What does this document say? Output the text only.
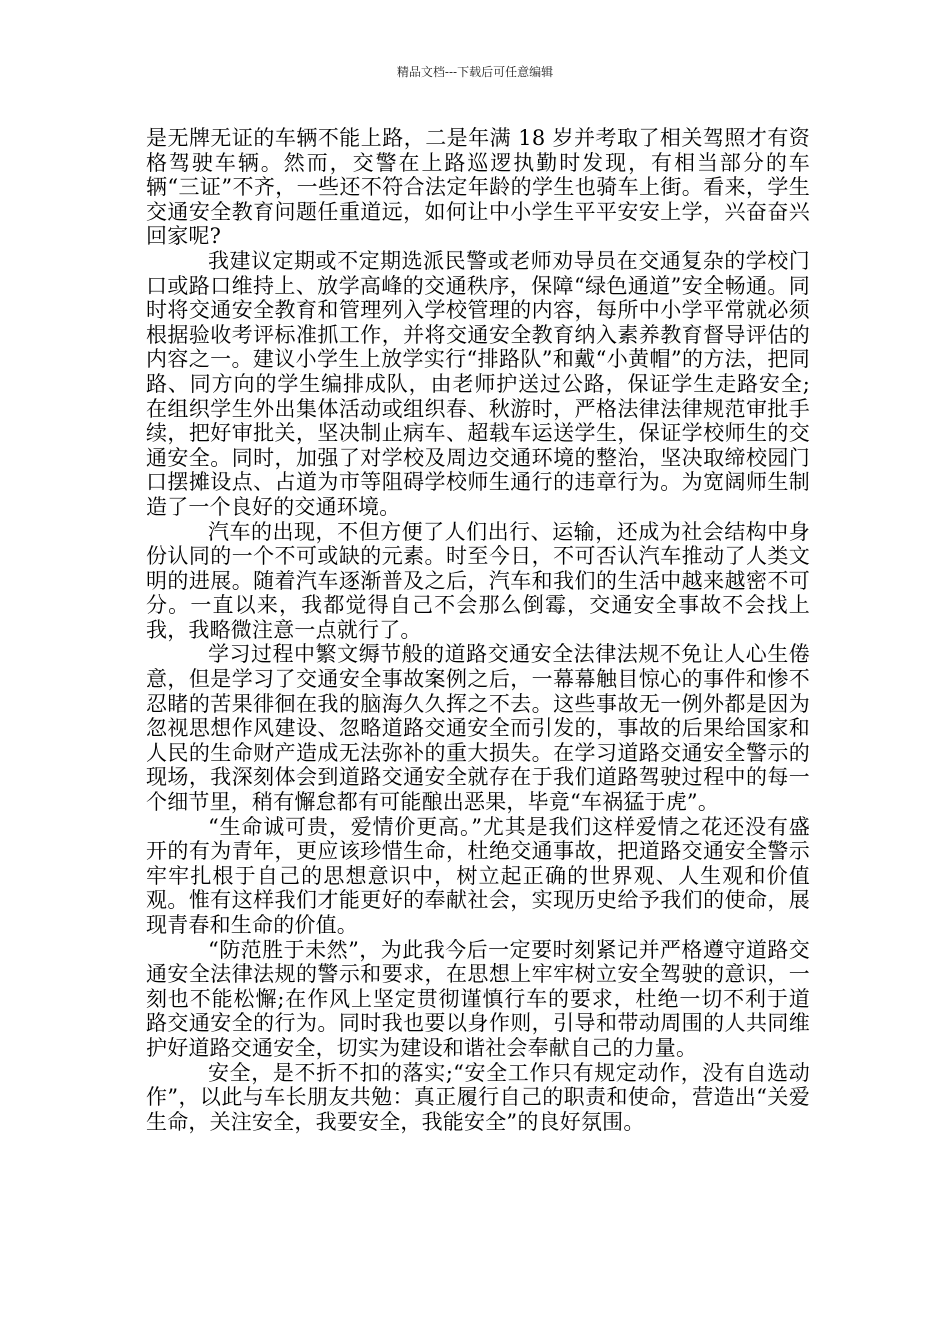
精品文档---下载后可任意编辑

是无牌无证的车辆不能上路，二是年满 18 岁并考取了相关驾照才有资格驾驶车辆。然而，交警在上路巡逻执勤时发现，有相当部分的车辆“三证”不齐，一些还不符合法定年龄的学生也骑车上街。看来，学生交通安全教育问题任重道远，如何让中小学生平平安安上学，兴奋奋兴回家呢?

我建议定期或不定期选派民警或老师劝导员在交通复杂的学校门口或路口维持上、放学高峰的交通秩序，保障“绿色通道”安全畅通。同时将交通安全教育和管理列入学校管理的内容，每所中小学平常就必须根据验收考评标准抓工作，并将交通安全教育纳入素养教育督导评估的内容之一。建议小学生上放学实行“排路队”和戴“小黄帽”的方法，把同路、同方向的学生编排成队，由老师护送过公路，保证学生走路安全;在组织学生外出集体活动或组织春、秋游时，严格法律法律规范审批手续，把好审批关，坚决制止病车、超载车运送学生，保证学校师生的交通安全。同时，加强了对学校及周边交通环境的整治，坚决取缔校园门口摆摊设点、占道为市等阻碍学校师生通行的违章行为。为宽阔师生制造了一个良好的交通环境。

汽车的出现，不但方便了人们出行、运输，还成为社会结构中身份认同的一个不可或缺的元素。时至今日，不可否认汽车推动了人类文明的进展。随着汽车逐渐普及之后，汽车和我们的生活中越来越密不可分。一直以来，我都觉得自己不会那么倒霉，交通安全事故不会找上我，我略微注意一点就行了。

学习过程中繁文缛节般的道路交通安全法律法规不免让人心生倦意，但是学习了交通安全事故案例之后，一幕幕触目惊心的事件和惨不忍睹的苦果徘徊在我的脑海久久挥之不去。这些事故无一例外都是因为忽视思想作风建设、忽略道路交通安全而引发的，事故的后果给国家和人民的生命财产造成无法弥补的重大损失。在学习道路交通安全警示的现场，我深刻体会到道路交通安全就存在于我们道路驾驶过程中的每一个细节里，稍有懈怠都有可能酿出恶果，毕竟“车祸猛于虎”。

“生命诚可贵，爱情价更高。”尤其是我们这样爱情之花还没有盛开的有为青年，更应该珍惜生命，杜绝交通事故，把道路交通安全警示牢牢扎根于自己的思想意识中，树立起正确的世界观、人生观和价值观。惟有这样我们才能更好的奉献社会，实现历史给予我们的使命，展现青春和生命的价值。

“防范胜于未然”，为此我今后一定要时刻紧记并严格遵守道路交通安全法律法规的警示和要求，在思想上牢牢树立安全驾驶的意识，一刻也不能松懈;在作风上坚定贯彻谨慎行车的要求，杜绝一切不利于道路交通安全的行为。同时我也要以身作则，引导和带动周围的人共同维护好道路交通安全，切实为建设和谐社会奉献自己的力量。

安全，是不折不扣的落实;“安全工作只有规定动作，没有自选动作”，以此与车长朋友共勉：真正履行自己的职责和使命，营造出“关爱生命，关注安全，我要安全，我能安全”的良好氛围。
